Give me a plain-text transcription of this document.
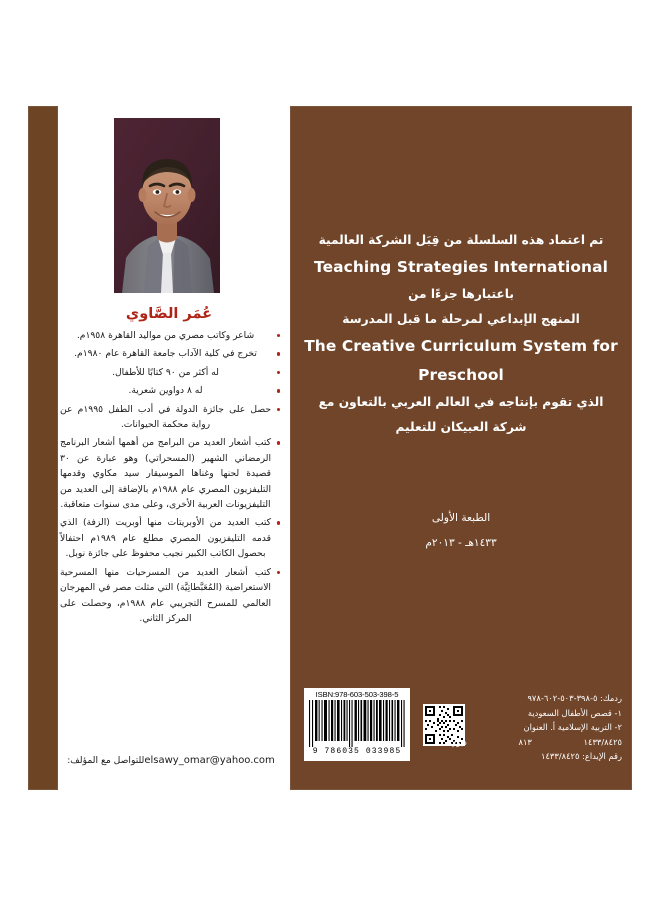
عُمَر الصَّاوي
شاعر وكاتب مصري من مواليد القاهرة ١٩٥٨م.
تخرج في كلية الآداب جامعة القاهرة عام ١٩٨٠م.
له أكثر من ٩٠ كتابًا للأطفال.
له ٨ دواوين شعرية.
حصل على جائزة الدولة في أدب الطفل ١٩٩٥م عن رواية محكمة الحيوانات.
كتب أشعار العديد من البرامج من أهمها أشعار البرنامج الرمضاني الشهير (المسحراتي) وهو عبارة عن ٣٠ قصيدة لحنها وغناها الموسيقار سيد مكاوي وقدمها التليفزيون المصري عام ١٩٨٨م بالإضافة إلى العديد من التليفزيونات العربية الأخرى، وعلى مدى سنوات متعاقبة.
كتب العديد من الأوبريتات منها أوبريت (الزفة) الذي قدمه التليفزيون المصري مطلع عام ١٩٨٩م احتفالاً بحصول الكاتب الكبير نجيب محفوظ على جائزة نوبل.
كتب أشعار العديد من المسرحيات منها المسرحية الاستعراضية (المُعَبَّطاتِيَّة) التي مثلت مصر في المهرجان العالمي للمسرح التجريبي عام ١٩٨٨م، وحصلت على المركز الثاني.
elsawy_omar@yahoo.comللتواصل مع المؤلف:
تم اعتماد هذه السلسلة من قِبَل الشركة العالمية
Teaching Strategies International
باعتبارها جزءًا من
المنهج الإبداعي لمرحلة ما قبل المدرسة
The Creative Curriculum System for Preschool
الذي تقوم بإنتاجه في العالم العربي بالتعاون مع
شركة العبيكان للتعليم
الطبعة الأولى
١٤٣٣هـ - ٢٠١٣م
ISBN:978-603-503-398-5
9 786035 033985
ردمك: ٥-٣٩٨-٥٠٣-٦٠٢-٩٧٨
١- قصص الأطفال السعودية
٢- التربية الإسلامية أ. العنوان
١٤٣٣/٨٤٢٥
٨١٣
ديوي
رقم الإيداع: ١٤٣٣/٨٤٢٥
